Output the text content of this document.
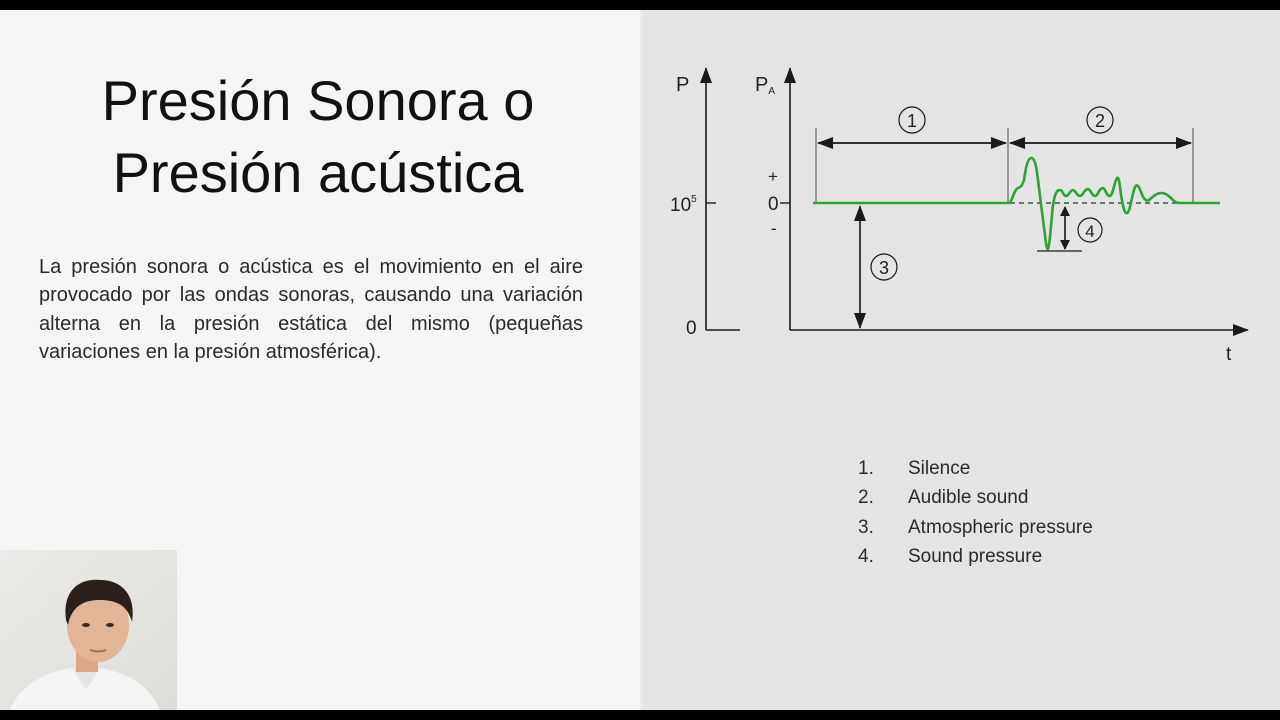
Presión Sonora o
Presión acústica
La presión sonora o acústica es el movimiento en el aire provocado por las ondas sonoras, causando una variación alterna en la presión estática del mismo (pequeñas variaciones en la presión atmosférica).
1.	Silence
2.	Audible sound
3.	Atmospheric pressure
4.	Sound pressure
P
$10^5$
0
PA
+
0
-
t
1	2
3
4
